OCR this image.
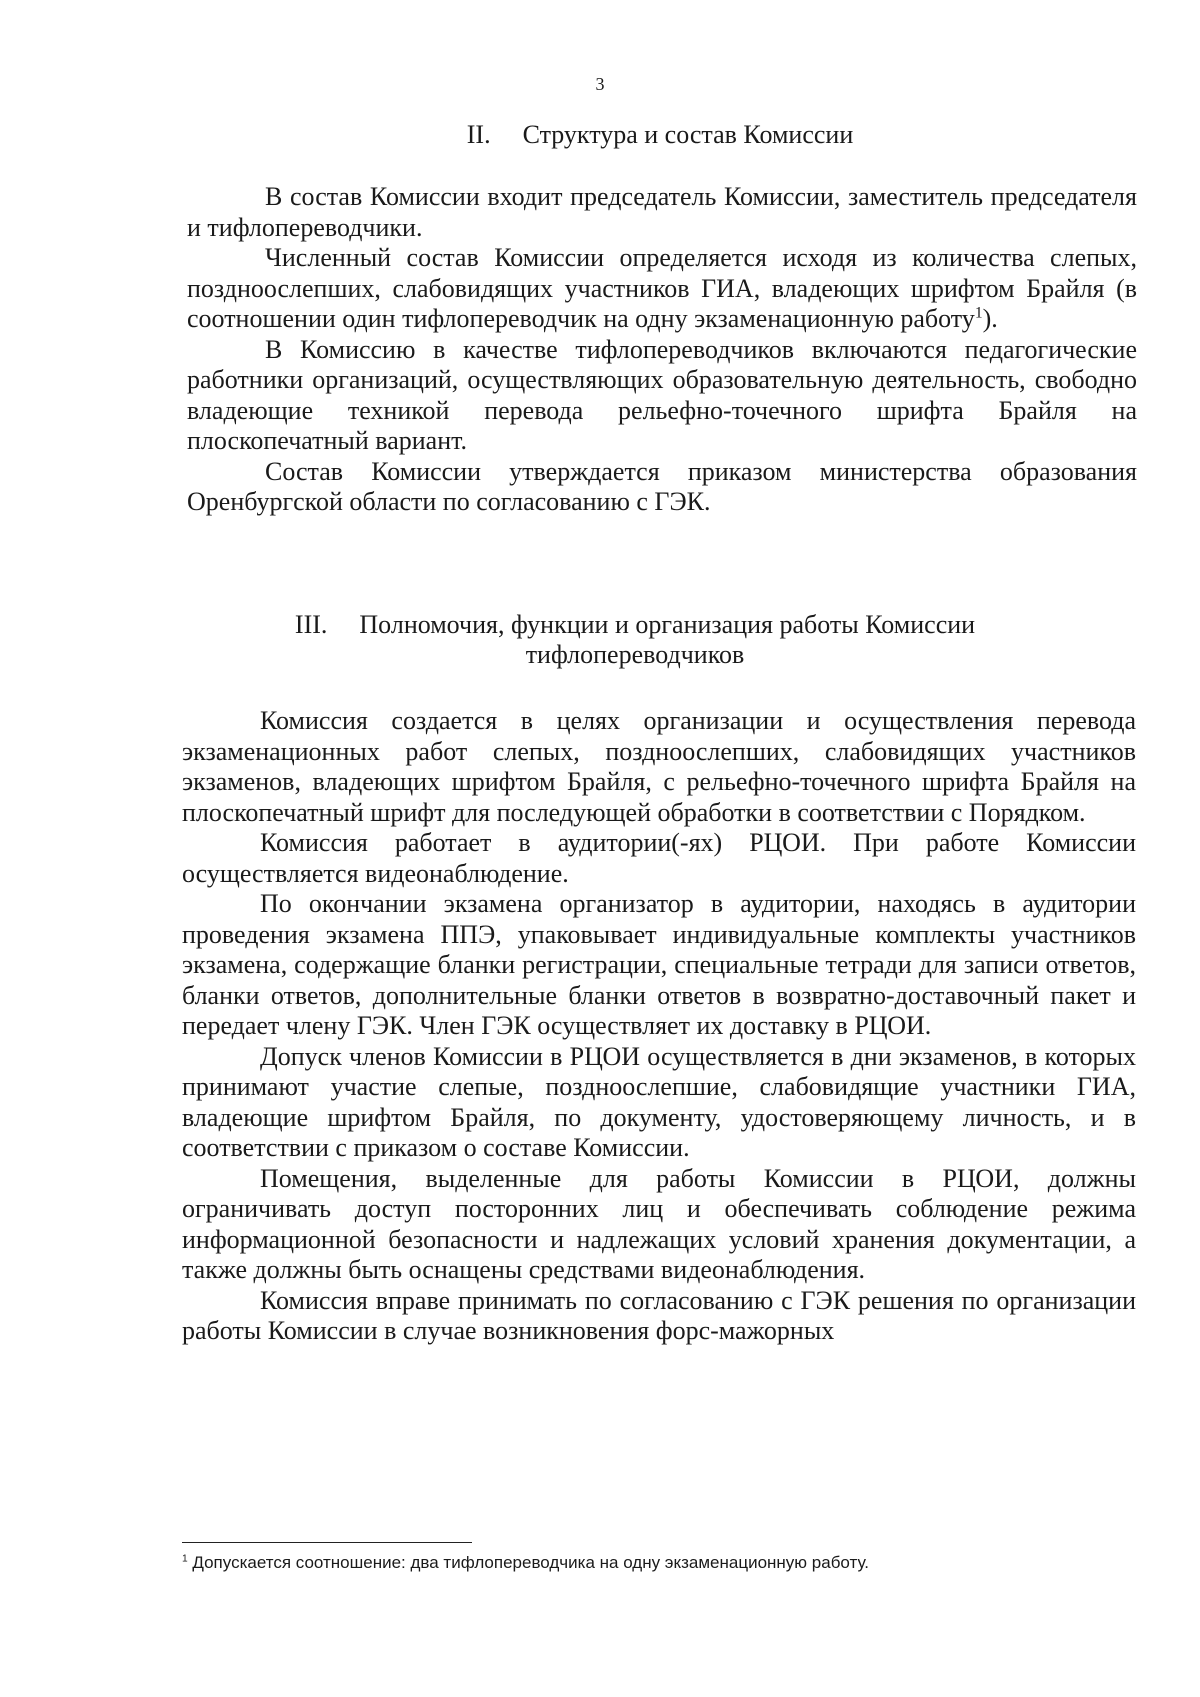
3
II. Структура и состав Комиссии

В состав Комиссии входит председатель Комиссии, заместитель председателя и тифлопереводчики.

Численный состав Комиссии определяется исходя из количества слепых, поздноослепших, слабовидящих участников ГИА, владеющих шрифтом Брайля (в соотношении один тифлопереводчик на одну экзаменационную работу$^1$).

В Комиссию в качестве тифлопереводчиков включаются педагогические работники организаций, осуществляющих образовательную деятельность, свободно владеющие техникой перевода рельефно-точечного шрифта Брайля на плоскопечатный вариант.

Состав Комиссии утверждается приказом министерства образования Оренбургской области по согласованию с ГЭК.

III. Полномочия, функции и организация работы Комиссии
тифлопереводчиков

Комиссия создается в целях организации и осуществления перевода экзаменационных работ слепых, поздноослепших, слабовидящих участников экзаменов, владеющих шрифтом Брайля, с рельефно-точечного шрифта Брайля на плоскопечатный шрифт для последующей обработки в соответствии с Порядком.

Комиссия работает в аудитории(-ях) РЦОИ. При работе Комиссии осуществляется видеонаблюдение.

По окончании экзамена организатор в аудитории, находясь в аудитории проведения экзамена ППЭ, упаковывает индивидуальные комплекты участников экзамена, содержащие бланки регистрации, специальные тетради для записи ответов, бланки ответов, дополнительные бланки ответов в возвратно-доставочный пакет и передает члену ГЭК. Член ГЭК осуществляет их доставку в РЦОИ.

Допуск членов Комиссии в РЦОИ осуществляется в дни экзаменов, в которых принимают участие слепые, поздноослепшие, слабовидящие участники ГИА, владеющие шрифтом Брайля, по документу, удостоверяющему личность, и в соответствии с приказом о составе Комиссии.

Помещения, выделенные для работы Комиссии в РЦОИ, должны ограничивать доступ посторонних лиц и обеспечивать соблюдение режима информационной безопасности и надлежащих условий хранения документации, а также должны быть оснащены средствами видеонаблюдения.

Комиссия вправе принимать по согласованию с ГЭК решения по организации работы Комиссии в случае возникновения форс-мажорных

$^1$ Допускается соотношение: два тифлопереводчика на одну экзаменационную работу.
